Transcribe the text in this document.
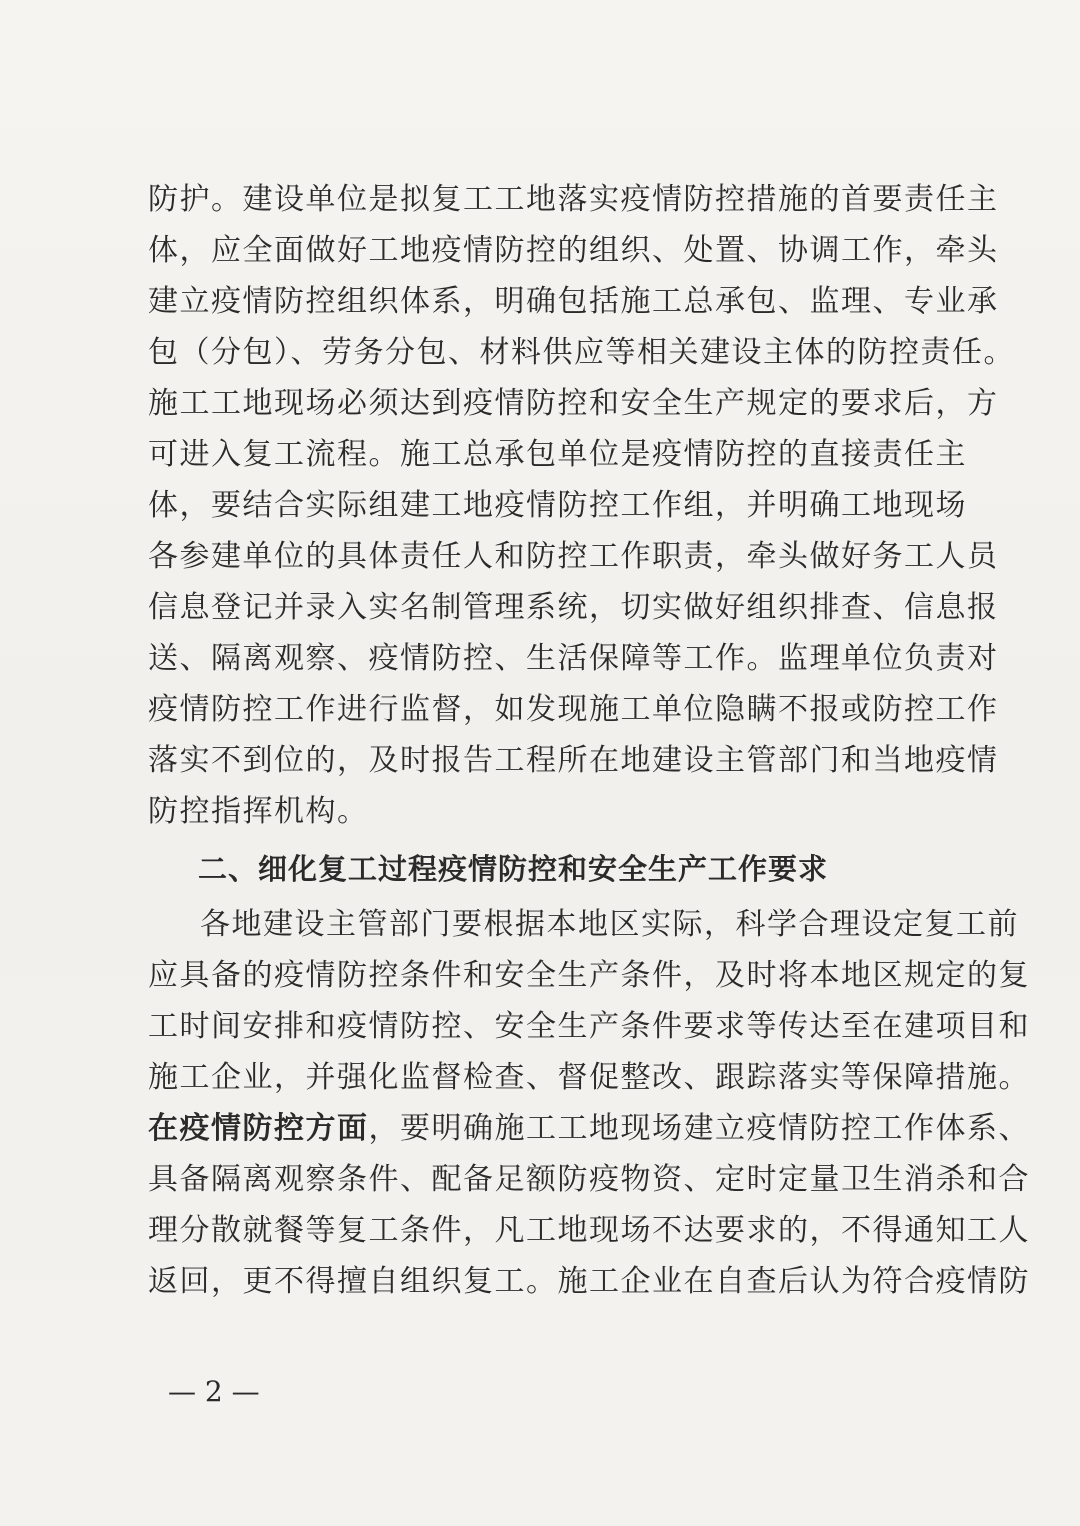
防护。建设单位是拟复工工地落实疫情防控措施的首要责任主
体，应全面做好工地疫情防控的组织、处置、协调工作，牵头
建立疫情防控组织体系，明确包括施工总承包、监理、专业承
包（分包）、劳务分包、材料供应等相关建设主体的防控责任。
施工工地现场必须达到疫情防控和安全生产规定的要求后，方
可进入复工流程。施工总承包单位是疫情防控的直接责任主
体，要结合实际组建工地疫情防控工作组，并明确工地现场
各参建单位的具体责任人和防控工作职责，牵头做好务工人员
信息登记并录入实名制管理系统，切实做好组织排查、信息报
送、隔离观察、疫情防控、生活保障等工作。监理单位负责对
疫情防控工作进行监督，如发现施工单位隐瞒不报或防控工作
落实不到位的，及时报告工程所在地建设主管部门和当地疫情
防控指挥机构。
二、细化复工过程疫情防控和安全生产工作要求
各地建设主管部门要根据本地区实际，科学合理设定复工前
应具备的疫情防控条件和安全生产条件，及时将本地区规定的复
工时间安排和疫情防控、安全生产条件要求等传达至在建项目和
施工企业，并强化监督检查、督促整改、跟踪落实等保障措施。
在疫情防控方面，要明确施工工地现场建立疫情防控工作体系、
具备隔离观察条件、配备足额防疫物资、定时定量卫生消杀和合
理分散就餐等复工条件，凡工地现场不达要求的，不得通知工人
返回，更不得擅自组织复工。施工企业在自查后认为符合疫情防
— 2 —
